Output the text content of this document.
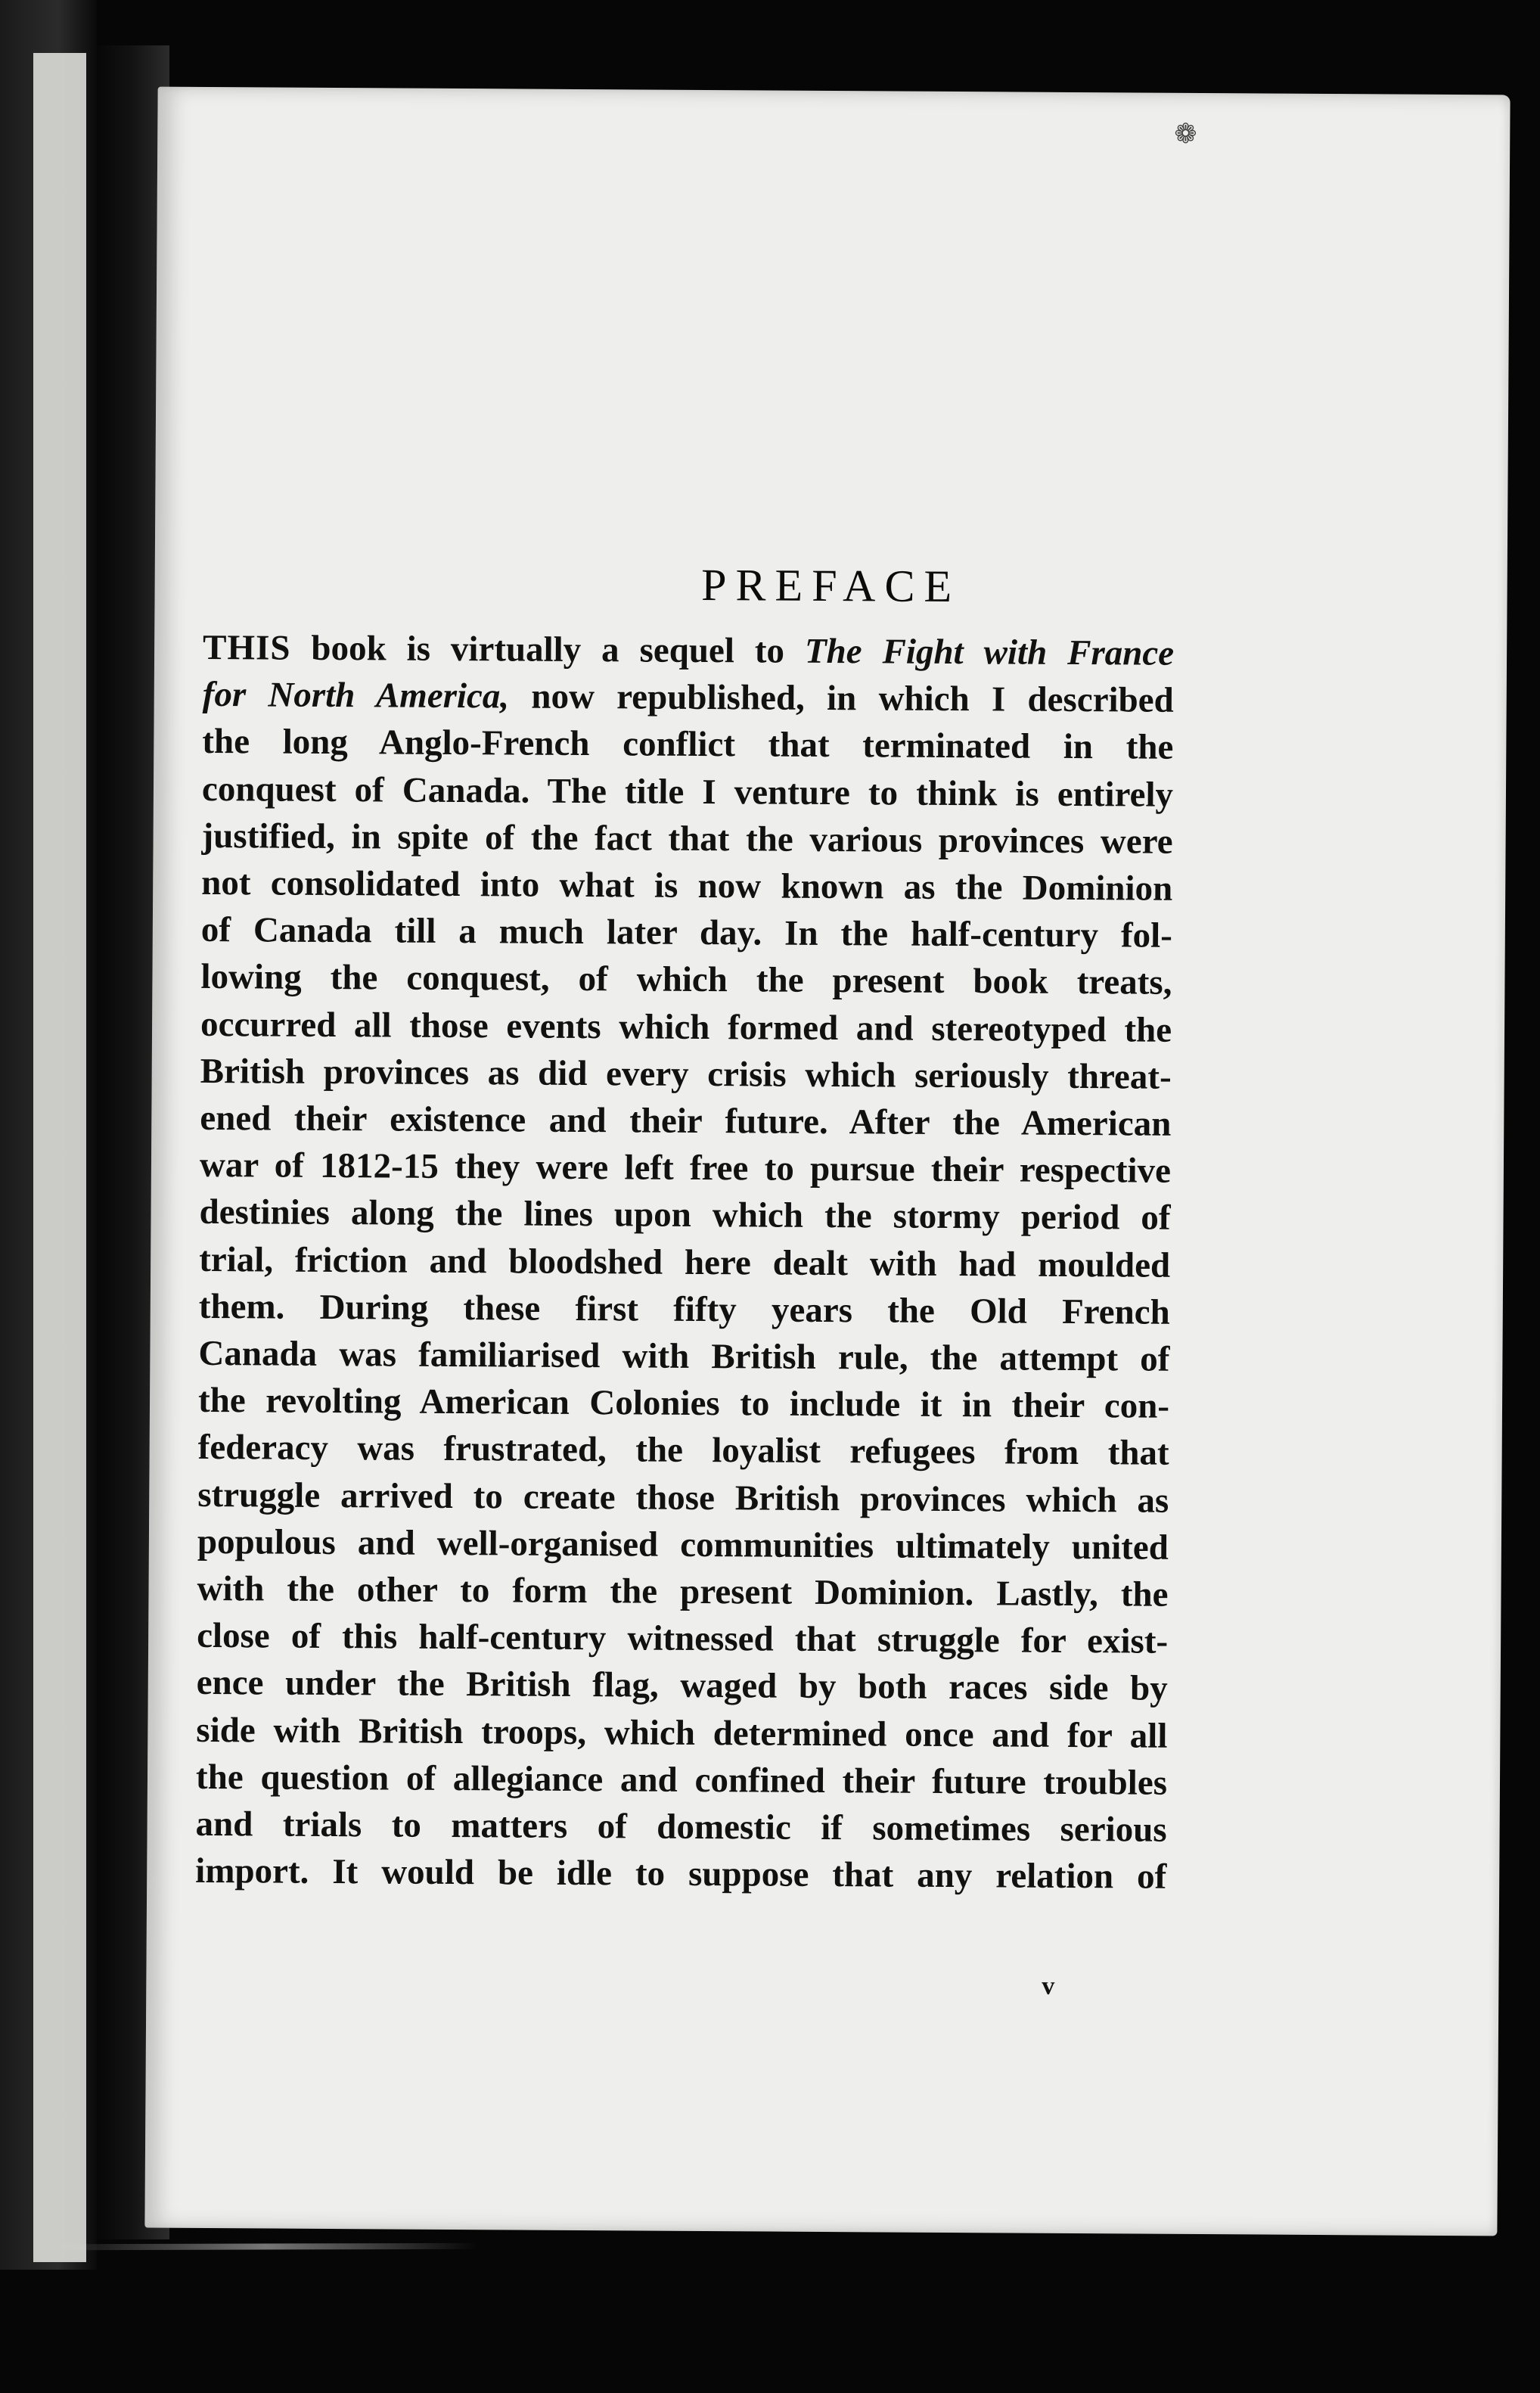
❁
PREFACE
THIS book is virtually a sequel to The Fight with France
for North America, now republished, in which I described
the long Anglo-French conflict that terminated in the
conquest of Canada. The title I venture to think is entirely
justified, in spite of the fact that the various provinces were
not consolidated into what is now known as the Dominion
of Canada till a much later day. In the half-century fol-
lowing the conquest, of which the present book treats,
occurred all those events which formed and stereotyped the
British provinces as did every crisis which seriously threat-
ened their existence and their future. After the American
war of 1812-15 they were left free to pursue their respective
destinies along the lines upon which the stormy period of
trial, friction and bloodshed here dealt with had moulded
them. During these first fifty years the Old French
Canada was familiarised with British rule, the attempt of
the revolting American Colonies to include it in their con-
federacy was frustrated, the loyalist refugees from that
struggle arrived to create those British provinces which as
populous and well-organised communities ultimately united
with the other to form the present Dominion. Lastly, the
close of this half-century witnessed that struggle for exist-
ence under the British flag, waged by both races side by
side with British troops, which determined once and for all
the question of allegiance and confined their future troubles
and trials to matters of domestic if sometimes serious
import. It would be idle to suppose that any relation of
v
